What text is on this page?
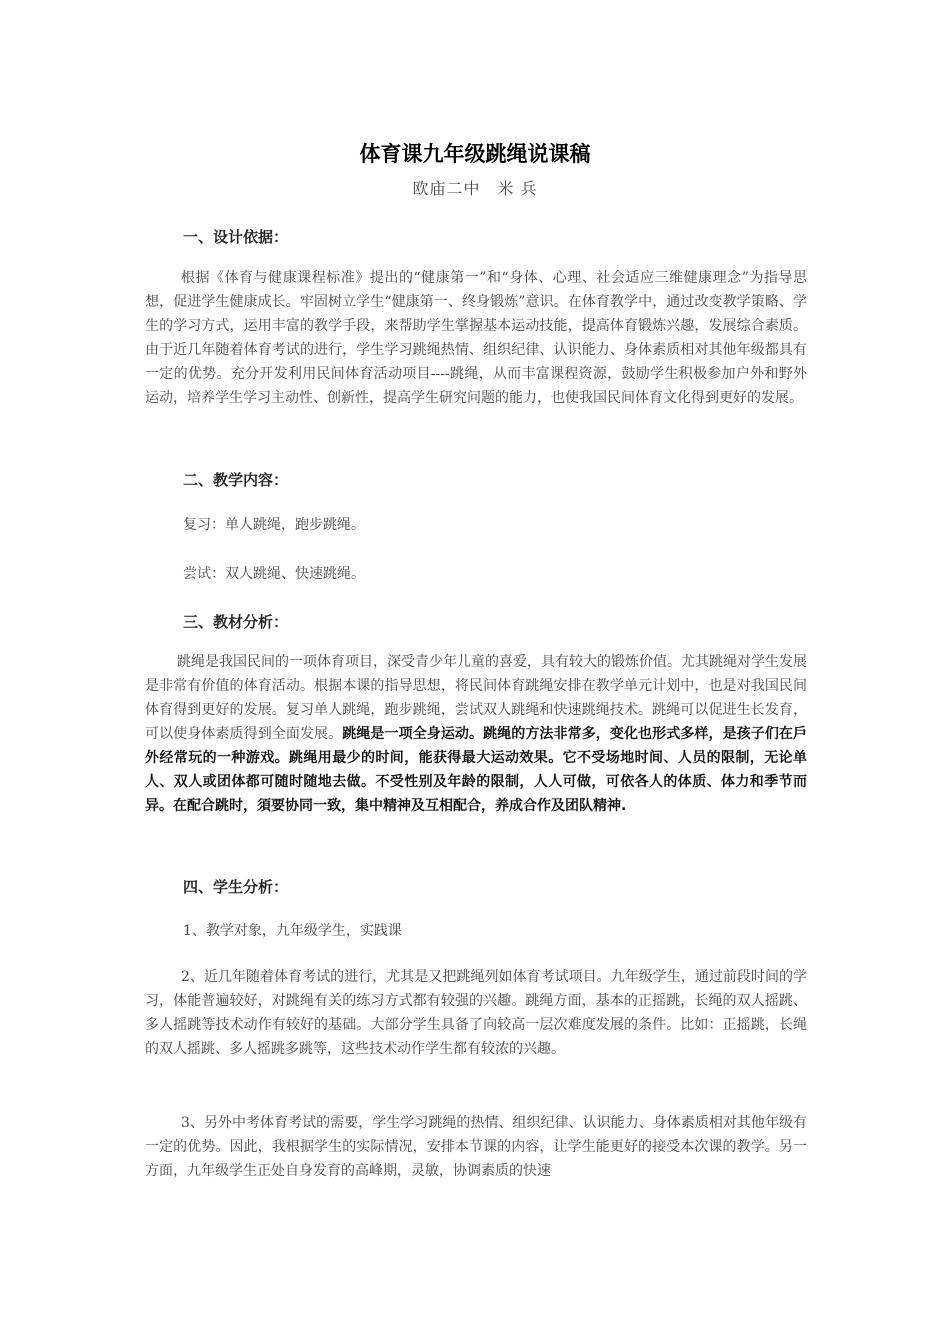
体育课九年级跳绳说课稿
欧庙二中　米 兵
一、设计依据：

根据《体育与健康课程标准》提出的“健康第一”和“身体、心理、社会适应三维健康理念”为指导思想，促进学生健康成长。牢固树立学生“健康第一、终身锻炼”意识。在体育教学中，通过改变教学策略、学生的学习方式，运用丰富的教学手段，来帮助学生掌握基本运动技能，提高体育锻炼兴趣，发展综合素质。由于近几年随着体育考试的进行，学生学习跳绳热情、组织纪律、认识能力、身体素质相对其他年级都具有一定的优势。充分开发利用民间体育活动项目----跳绳，从而丰富课程资源，鼓励学生积极参加户外和野外运动，培养学生学习主动性、创新性，提高学生研究问题的能力，也使我国民间体育文化得到更好的发展。

二、教学内容：
复习：单人跳绳，跑步跳绳。
尝试：双人跳绳、快速跳绳。
三、教材分析：

跳绳是我国民间的一项体育项目，深受青少年儿童的喜爱，具有较大的锻炼价值。尤其跳绳对学生发展是非常有价值的体育活动。根据本课的指导思想，将民间体育跳绳安排在教学单元计划中，也是对我国民间体育得到更好的发展。复习单人跳绳，跑步跳绳，尝试双人跳绳和快速跳绳技术。跳绳可以促进生长发育，可以使身体素质得到全面发展。跳绳是一项全身运动。跳绳的方法非常多，变化也形式多样，是孩子们在戶外经常玩的一种游戏。跳绳用最少的时间，能获得最大运动效果。它不受场地时间、人员的限制，无论单人、双人或团体都可随时随地去做。不受性别及年龄的限制，人人可做，可依各人的体质、体力和季节而异。在配合跳时，須要协同一致，集中精神及互相配合，养成合作及团队精神.

四、学生分析：
1、教学对象，九年级学生，实践课

2、近几年随着体育考试的进行，尤其是又把跳绳列如体育考试项目。九年级学生，通过前段时间的学习，体能普遍较好，对跳绳有关的练习方式都有较强的兴趣。跳绳方面，基本的正摇跳，长绳的双人摇跳、多人摇跳等技术动作有较好的基础。大部分学生具备了向较高一层次难度发展的条件。比如：正摇跳，长绳的双人摇跳、多人摇跳多跳等，这些技术动作学生都有较浓的兴趣。

3、另外中考体育考试的需要，学生学习跳绳的热情、组织纪律、认识能力、身体素质相对其他年级有一定的优势。因此，我根据学生的实际情况，安排本节课的内容，让学生能更好的接受本次课的教学。另一方面，九年级学生正处自身发育的高峰期，灵敏，协调素质的快速
